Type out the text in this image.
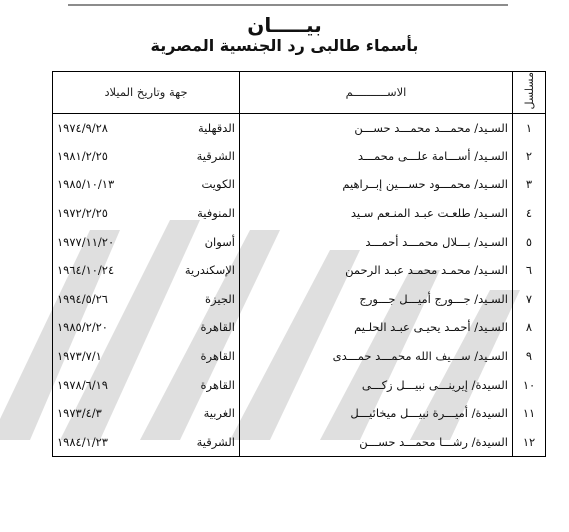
بيـــــان
بأسماء طالبى رد الجنسية المصرية
مسلسل	الاســــــــــم	جهة وتاريخ الميلاد
١	السـيد/ محمـــد محمـــد حســـن	الدقهلية
١٩٧٤/٩/٢٨

٢	السـيد/ أســـامة علـــى محمـــد	الشرقية
١٩٨١/٢/٢٥

٣	السـيد/ محمـــود حســـين إبــراهيم	الكويت
١٩٨٥/١٠/١٣

٤	السـيد/ طلعـت عبـد المنـعم سـيد	المنوفية
١٩٧٢/٢/٢٥

٥	السـيد/ بـــلال محمـــد أحمـــد	أسوان
١٩٧٧/١١/٢٠

٦	السـيد/ محمـد محمـد عبـد الرحمن	الإسكندرية
١٩٦٤/١٠/٢٤

٧	السـيد/ جـــورج أميـــل جـــورج	الجيزة
١٩٩٤/٥/٢٦

٨	السـيد/ أحمـد يحيـى عبـد الحلـيم	القاهرة
١٩٨٥/٢/٢٠

٩	السـيد/ ســـيف الله محمـــد حمـــدى	القاهرة
١٩٧٣/٧/١

١٠	السيدة/ إيرينـــى نبيـــل زكـــى	القاهرة
١٩٧٨/٦/١٩

١١	السيدة/ أميـــرة نبيـــل ميخائيـــل	الغربية
١٩٧٣/٤/٣

١٢	السيدة/ رشـــا محمـــد حســـن	الشرقية
١٩٨٤/١/٢٣
